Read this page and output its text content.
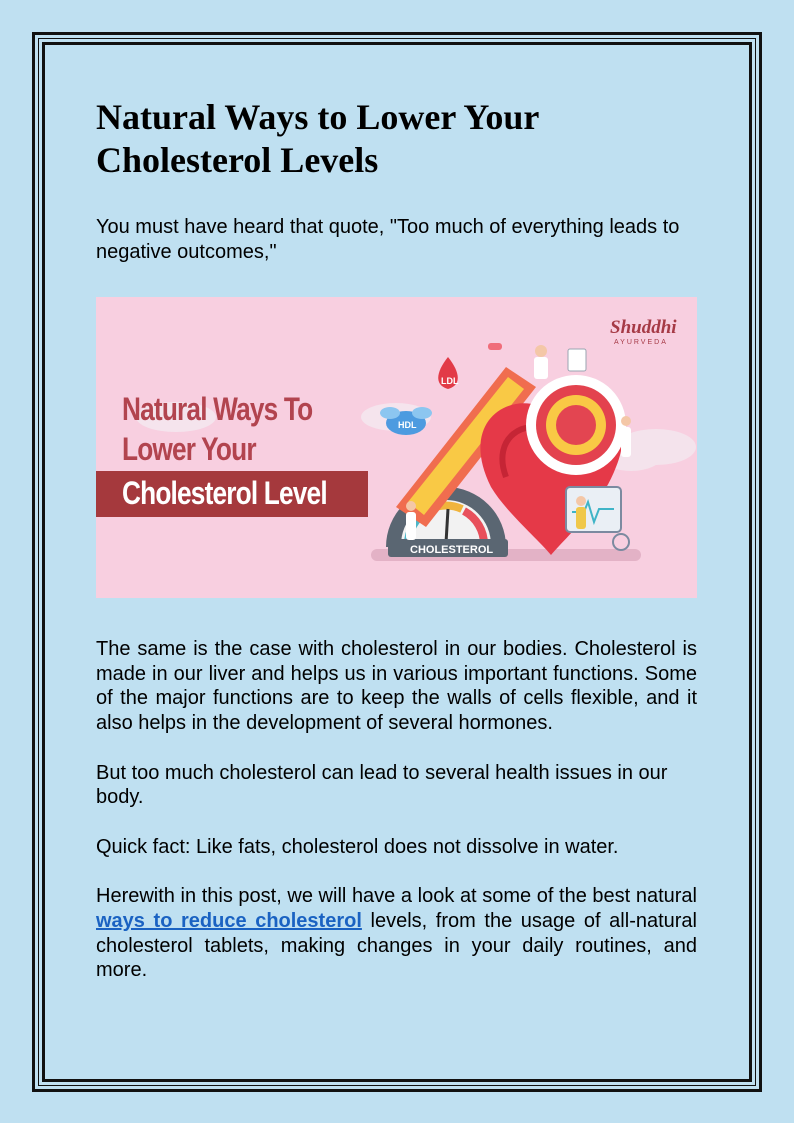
Natural Ways to Lower Your Cholesterol Levels

You must have heard that quote, "Too much of everything leads to negative outcomes,"

Natural Ways To
Lower Your
Cholesterol Level
Shuddhi
AYURVEDA
CHOLESTEROL
HDL
LDL

The same is the case with cholesterol in our bodies. Cholesterol is made in our liver and helps us in various important functions. Some of the major functions are to keep the walls of cells flexible, and it also helps in the development of several hormones.

But too much cholesterol can lead to several health issues in our body.

Quick fact: Like fats, cholesterol does not dissolve in water.

Herewith in this post, we will have a look at some of the best natural ways to reduce cholesterol levels, from the usage of all-natural cholesterol tablets, making changes in your daily routines, and more.
